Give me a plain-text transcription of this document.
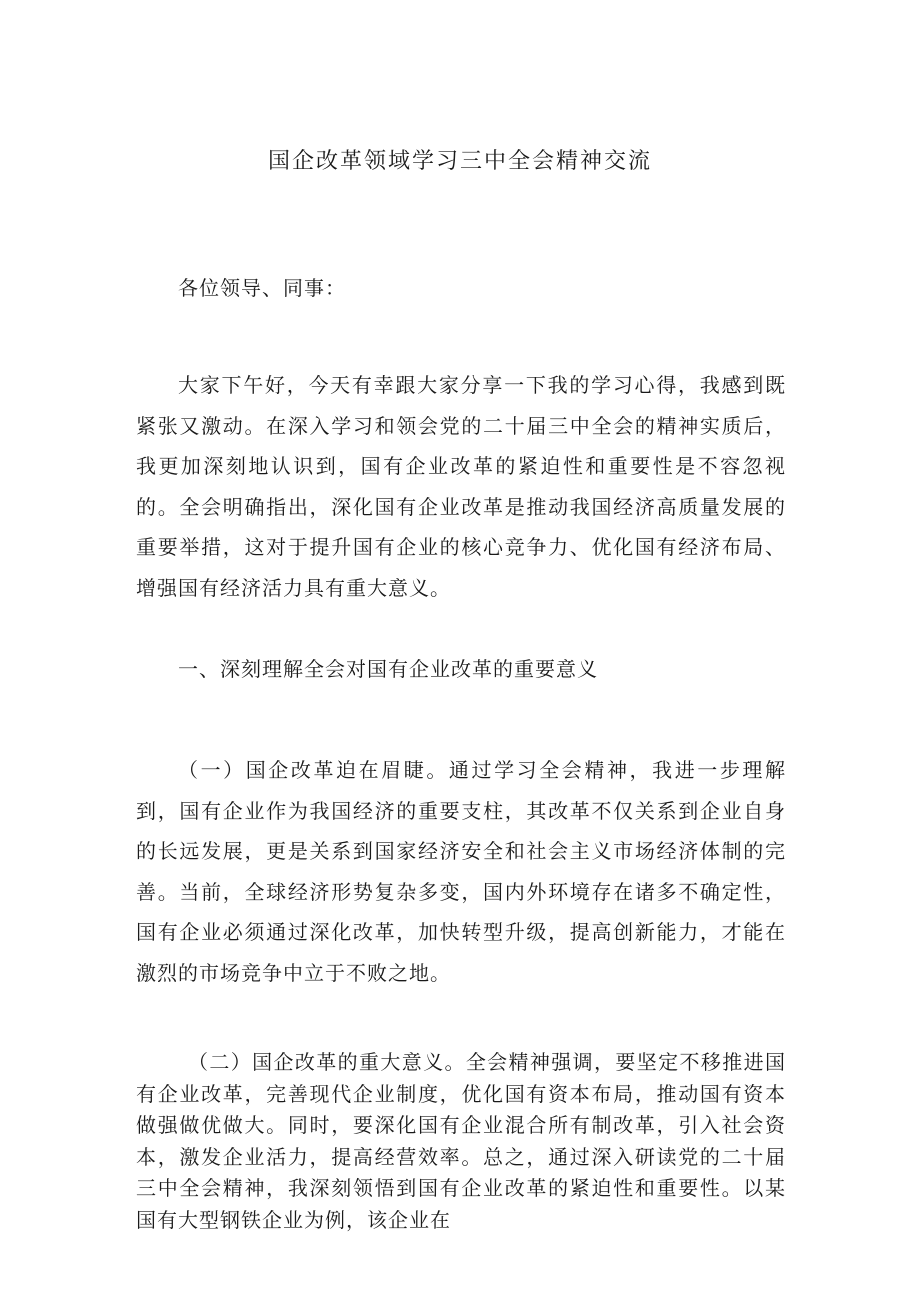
国企改革领域学习三中全会精神交流
各位领导、同事：
大家下午好，今天有幸跟大家分享一下我的学习心得，我感到既紧张又激动。在深入学习和领会党的二十届三中全会的精神实质后，我更加深刻地认识到，国有企业改革的紧迫性和重要性是不容忽视的。全会明确指出，深化国有企业改革是推动我国经济高质量发展的重要举措，这对于提升国有企业的核心竞争力、优化国有经济布局、增强国有经济活力具有重大意义。
一、深刻理解全会对国有企业改革的重要意义
（一）国企改革迫在眉睫。通过学习全会精神，我进一步理解到，国有企业作为我国经济的重要支柱，其改革不仅关系到企业自身的长远发展，更是关系到国家经济安全和社会主义市场经济体制的完善。当前，全球经济形势复杂多变，国内外环境存在诸多不确定性，国有企业必须通过深化改革，加快转型升级，提高创新能力，才能在激烈的市场竞争中立于不败之地。
（二）国企改革的重大意义。全会精神强调，要坚定不移推进国有企业改革，完善现代企业制度，优化国有资本布局，推动国有资本做强做优做大。同时，要深化国有企业混合所有制改革，引入社会资本，激发企业活力，提高经营效率。总之，通过深入研读党的二十届三中全会精神，我深刻领悟到国有企业改革的紧迫性和重要性。以某国有大型钢铁企业为例，该企业在
